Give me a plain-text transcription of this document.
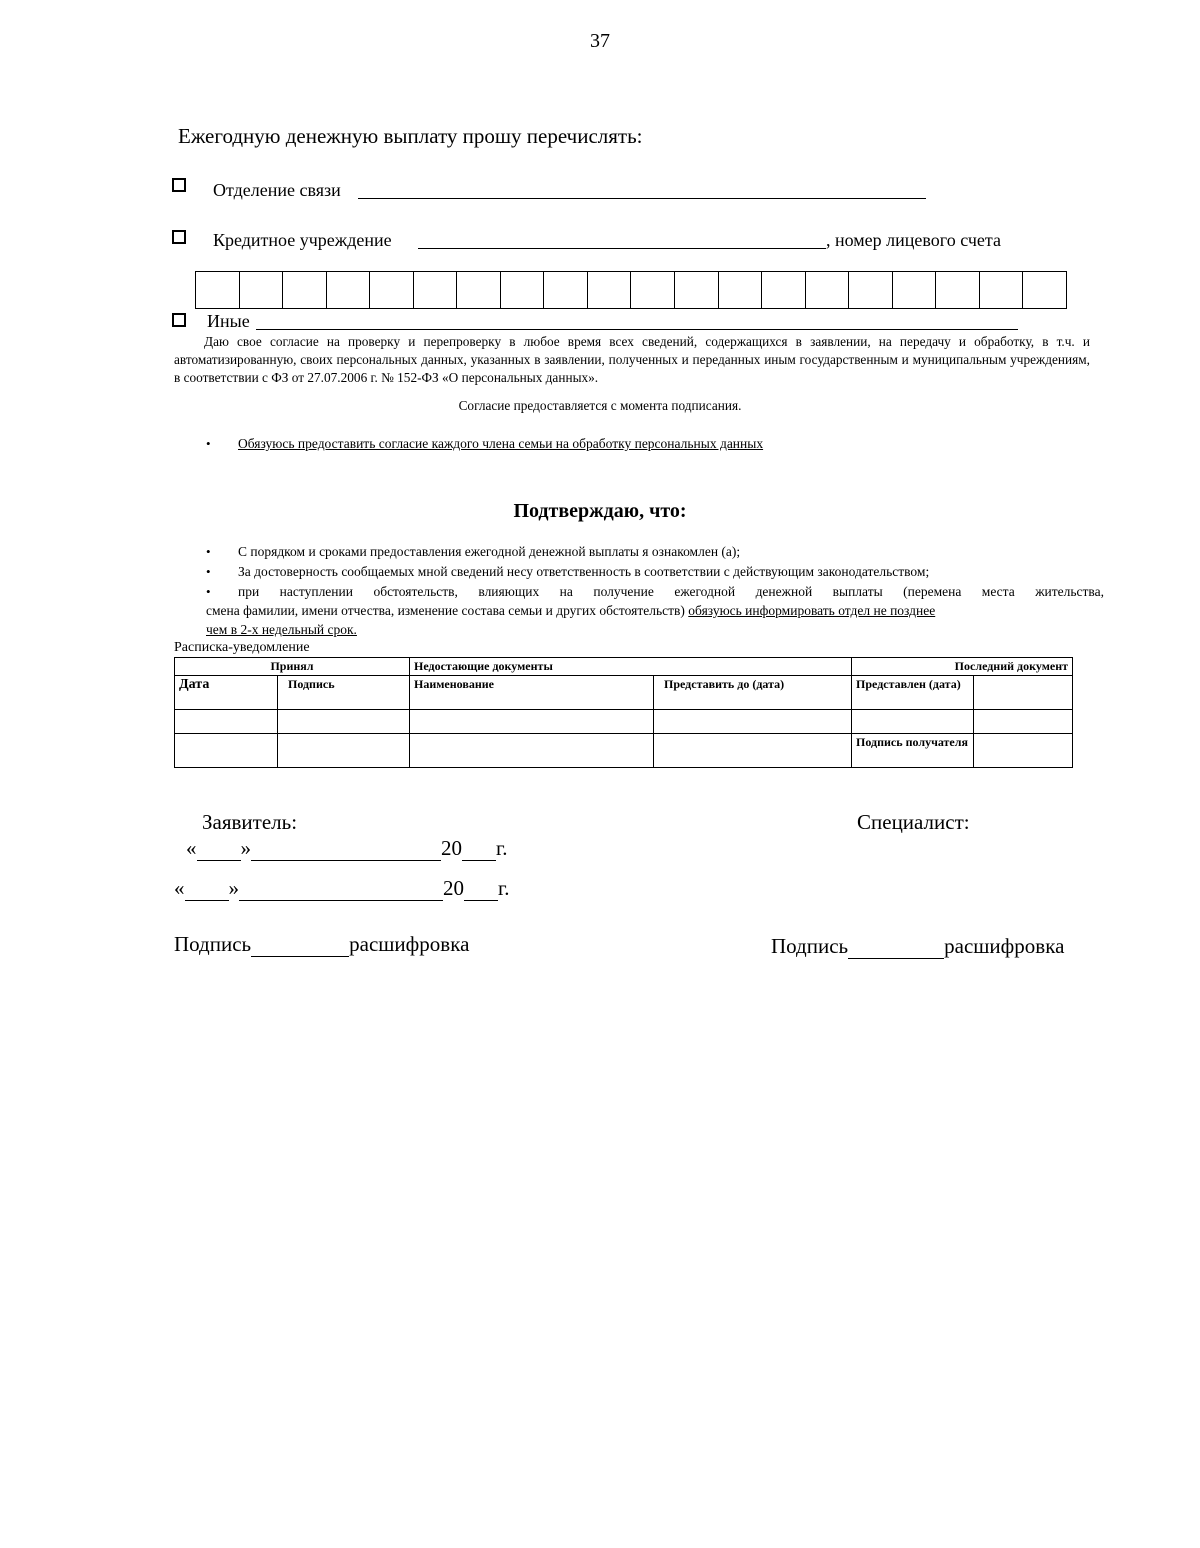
37
Ежегодную денежную выплату прошу перечислять:
Отделение связи
Кредитное учреждение	, номер лицевого счета
Иные
Даю свое согласие на проверку и перепроверку в любое время всех сведений, содержащихся в заявлении, на передачу и обработку, в т.ч. и автоматизированную, своих персональных данных, указанных в заявлении, полученных и переданных иным государственным и муниципальным учреждениям, в соответствии с ФЗ от 27.07.2006 г. № 152-ФЗ «О персональных данных».
Согласие предоставляется с момента подписания.
• Обязуюсь предоставить согласие каждого члена семьи на обработку персональных данных
Подтверждаю, что:
• С порядком и сроками предоставления ежегодной денежной выплаты я ознакомлен (а);
• За достоверность сообщаемых мной сведений несу ответственность в соответствии с действующим законодательством;
• при наступлении обстоятельств, влияющих на получение ежегодной денежной выплаты (перемена места жительства,
смена фамилии, имени отчества, изменение состава семьи и других обстоятельств) обязуюсь информировать отдел не позднее
чем в 2-х недельный срок.
Расписка-уведомление
Принял		Недостающие документы		Последний документ	
Дата	Подпись	Наименование	Представить до (дата)	Представлен (дата)	

				Подпись получателя	
Заявитель:	Специалист:
« »	20 г.
« »	20 г.
Подпись	расшифровка	Подпись	расшифровка
